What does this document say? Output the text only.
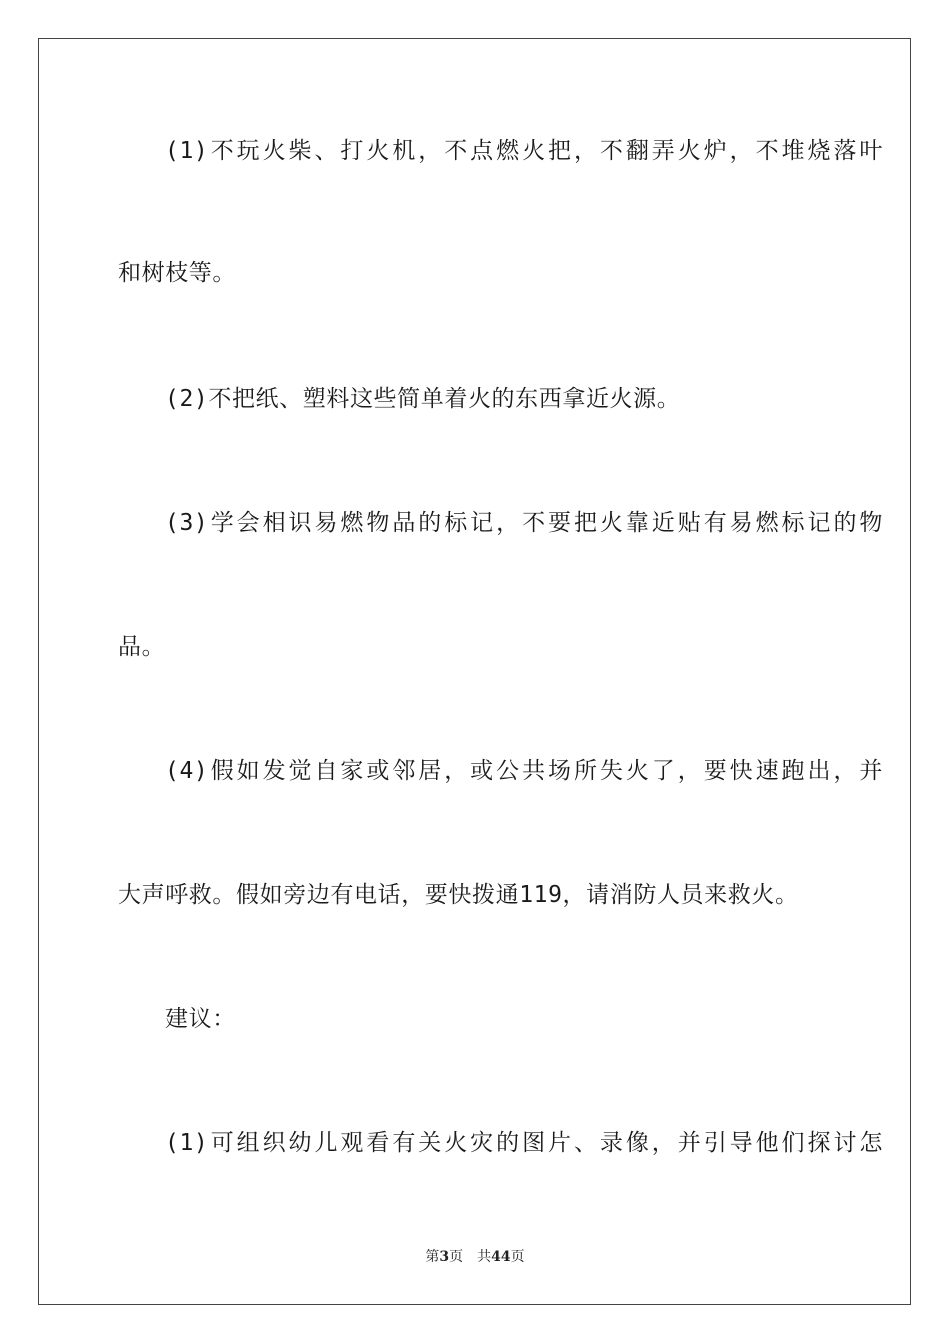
(1)不玩火柴、打火机，不点燃火把，不翻弄火炉，不堆烧落叶
和树枝等。
(2)不把纸、塑料这些简单着火的东西拿近火源。
(3)学会相识易燃物品的标记，不要把火靠近贴有易燃标记的物
品。
(4)假如发觉自家或邻居，或公共场所失火了，要快速跑出，并
大声呼救。假如旁边有电话，要快拨通119，请消防人员来救火。
建议：
(1)可组织幼儿观看有关火灾的图片、录像，并引导他们探讨怎
第3页 共44页
